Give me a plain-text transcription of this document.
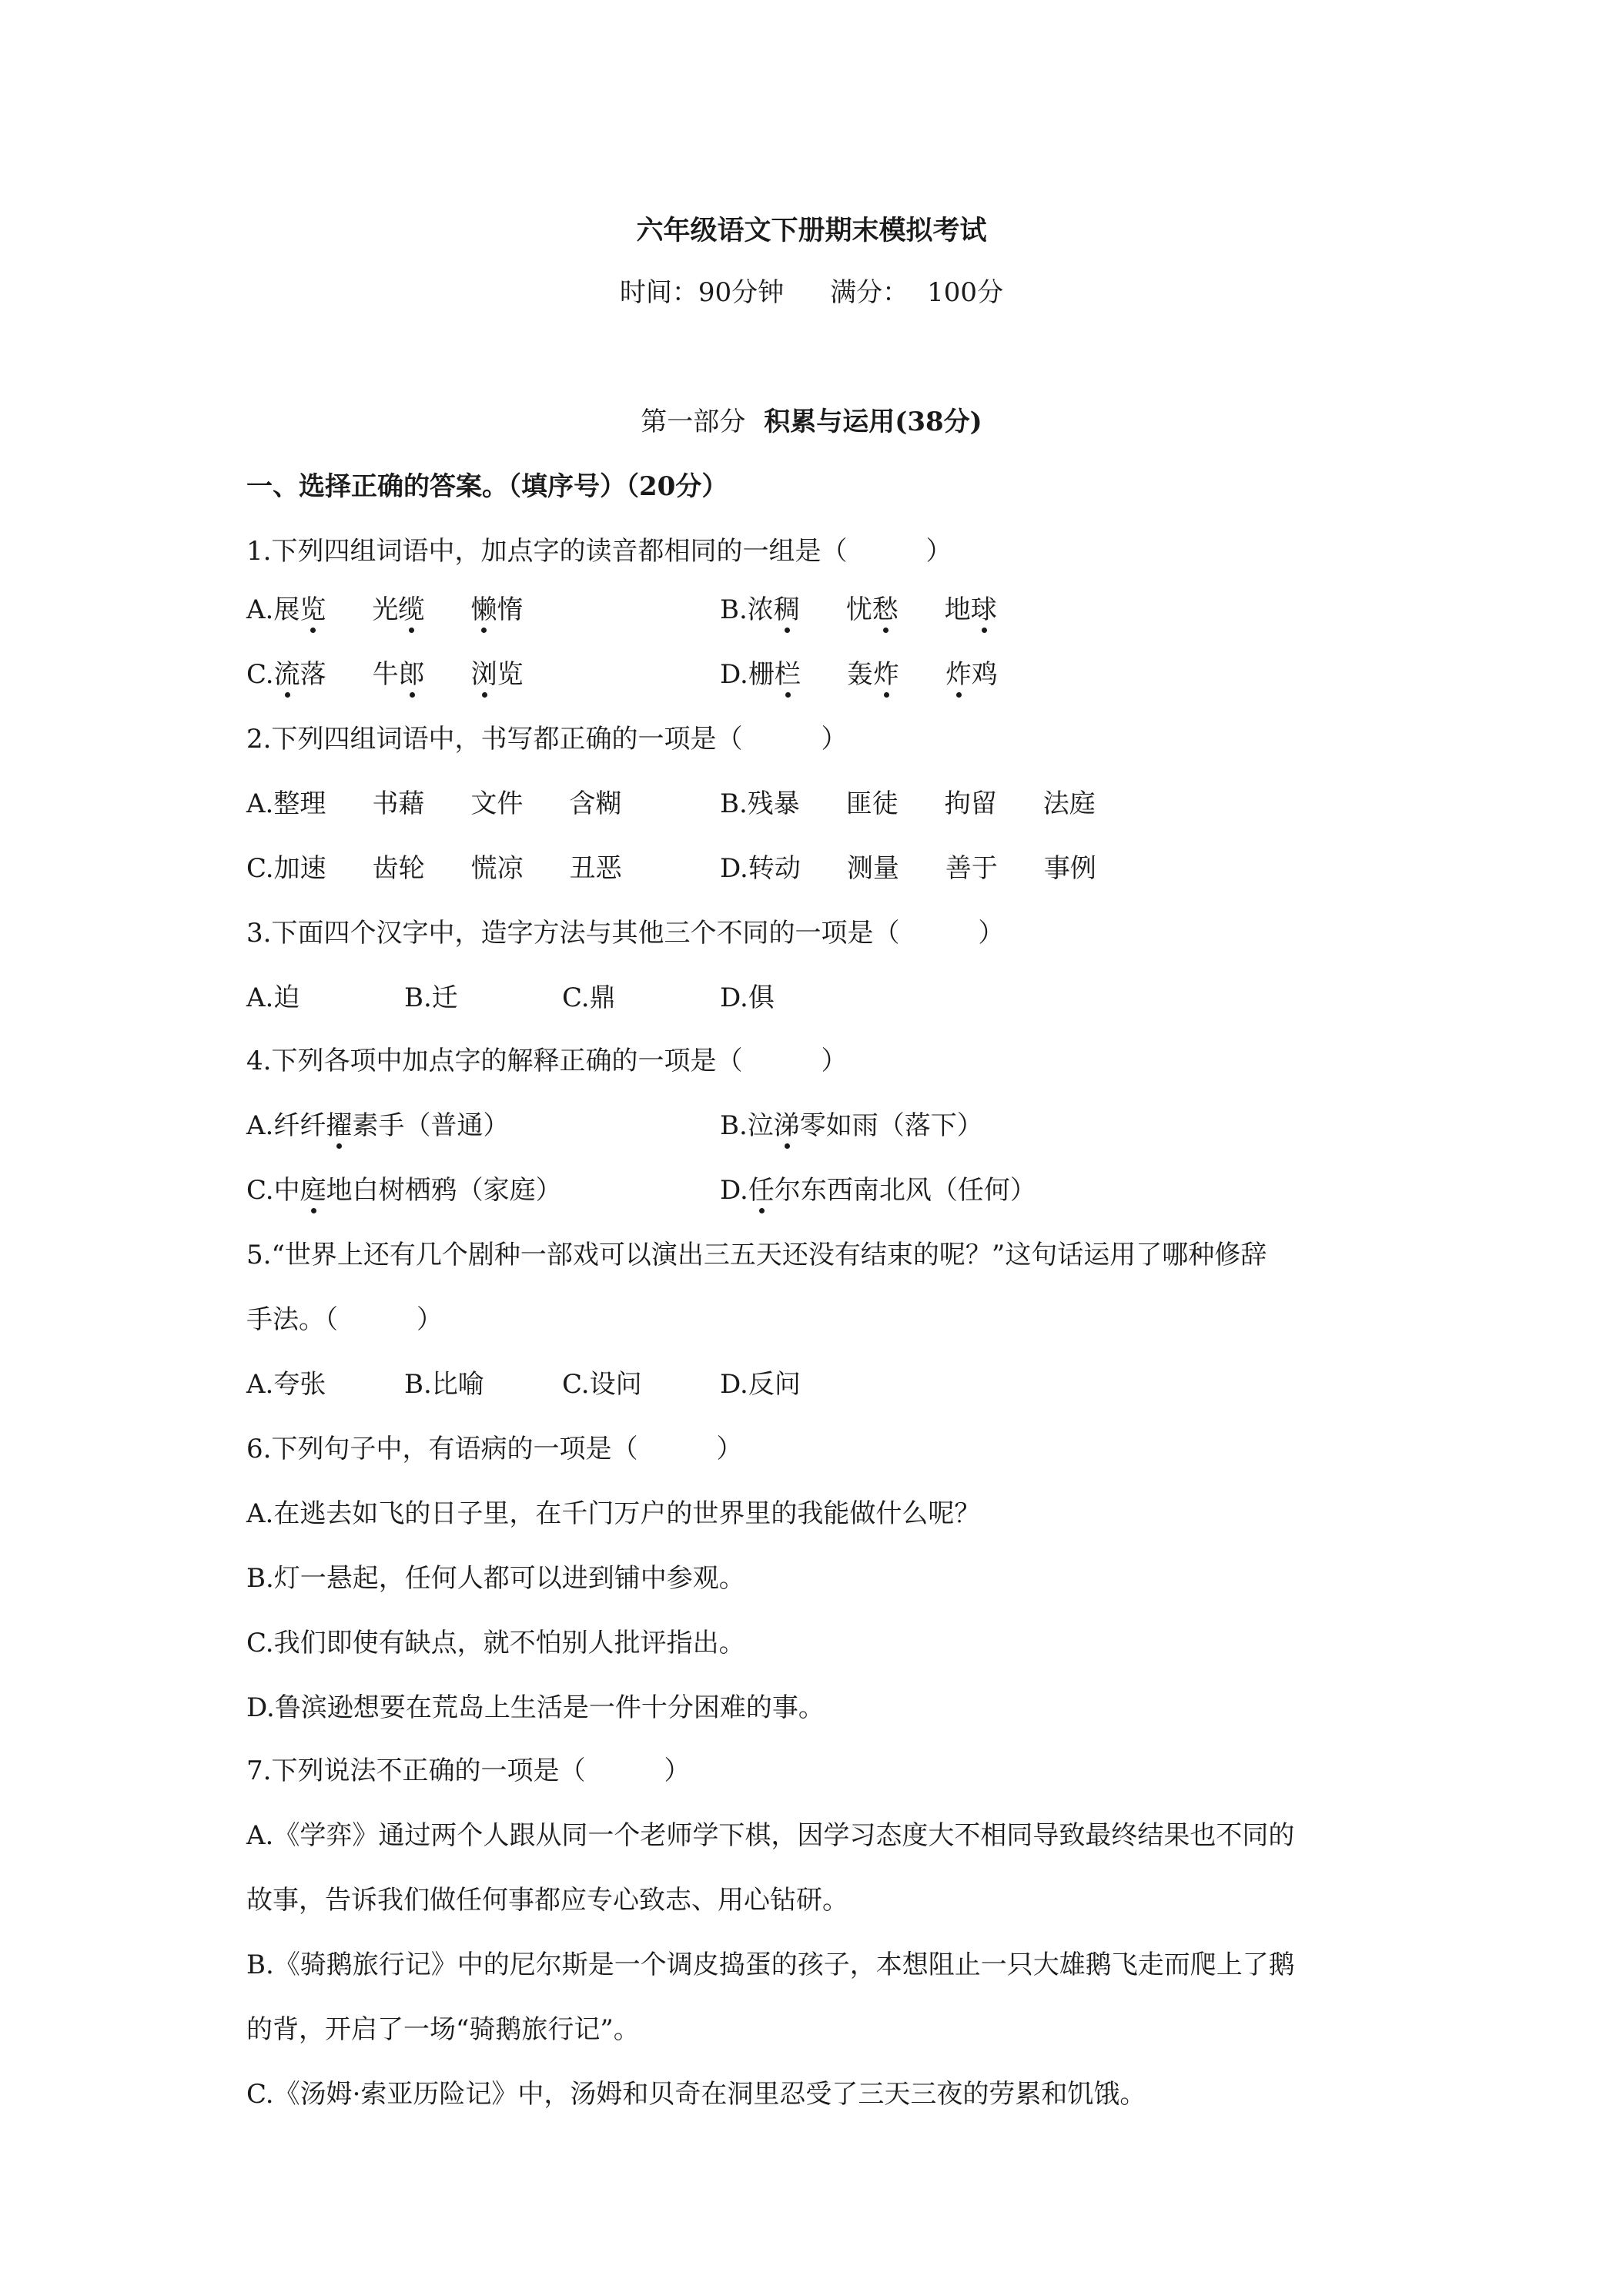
六年级语文下册期末模拟考试
时间：90分钟 满分： 100分
第一部分 积累与运用(38分)
一、选择正确的答案。（填序号）（20分）
1.下列四组词语中，加点字的读音都相同的一组是（　　　）
A.展览 光缆 懒惰	B.浓稠 忧愁 地球
C.流落 牛郎 浏览	D.栅栏 轰炸 炸鸡
2.下列四组词语中，书写都正确的一项是（　　　）
A.整理 书藉 文件 含糊	B.残暴 匪徒 拘留 法庭
C.加速 齿轮 慌凉 丑恶	D.转动 测量 善于 事例
3.下面四个汉字中，造字方法与其他三个不同的一项是（　　　）
A.迫	B.迁	C.鼎	D.俱
4.下列各项中加点字的解释正确的一项是（　　　）
A.纤纤擢素手（普通）	B.泣涕零如雨（落下）
C.中庭地白树栖鸦（家庭）	D.任尔东西南北风（任何）
5.“世界上还有几个剧种一部戏可以演出三五天还没有结束的呢？”这句话运用了哪种修辞
手法。（　　　）
A.夸张	B.比喻	C.设问	D.反问
6.下列句子中，有语病的一项是（　　　）
A.在逃去如飞的日子里，在千门万户的世界里的我能做什么呢？
B.灯一悬起，任何人都可以进到铺中参观。
C.我们即使有缺点，就不怕别人批评指出。
D.鲁滨逊想要在荒岛上生活是一件十分困难的事。
7.下列说法不正确的一项是（　　　）
A.《学弈》通过两个人跟从同一个老师学下棋，因学习态度大不相同导致最终结果也不同的
故事，告诉我们做任何事都应专心致志、用心钻研。
B.《骑鹅旅行记》中的尼尔斯是一个调皮捣蛋的孩子，本想阻止一只大雄鹅飞走而爬上了鹅
的背，开启了一场“骑鹅旅行记”。
C.《汤姆·索亚历险记》中，汤姆和贝奇在洞里忍受了三天三夜的劳累和饥饿。
